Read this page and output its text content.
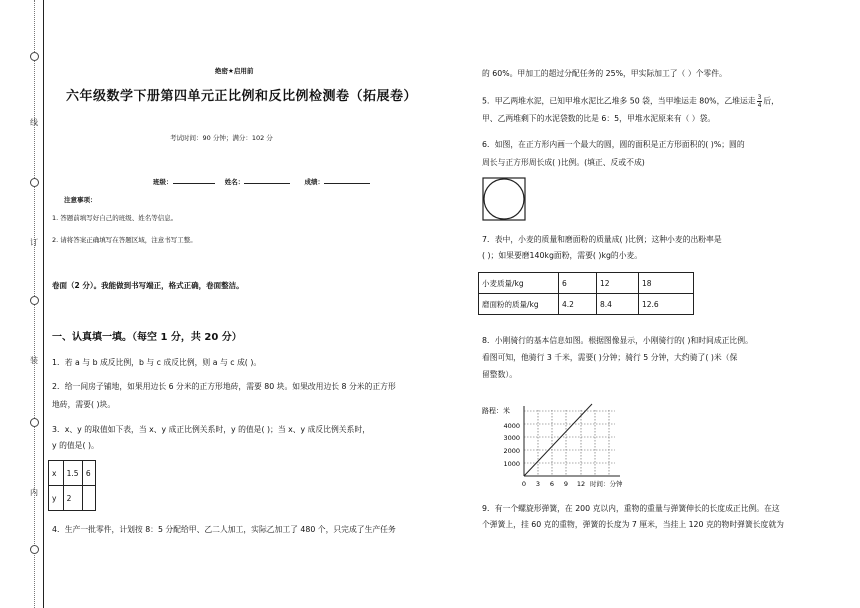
线
订
装
内
绝密★启用前
六年级数学下册第四单元正比例和反比例检测卷（拓展卷）
考试时间：90 分钟；满分：102 分
班级：	姓名：	成绩：
注意事项：
1. 答题前填写好自己的班级、姓名等信息。
2. 请将答案正确填写在答题区域，注意书写工整。
卷面（2 分）。我能做到书写端正，格式正确，卷面整洁。
一、认真填一填。（每空 1 分，共 20 分）
1．若 a 与 b 成反比例，b 与 c 成反比例，则 a 与 c 成( )。
2．给一间房子铺地，如果用边长 6 分米的正方形地砖，需要 80 块。如果改用边长 8 分米的正方形
地砖，需要( )块。
3．x、y 的取值如下表，当 x、y 成正比例关系时，y 的值是( )；当 x、y 成反比例关系时，
y 的值是( )。
x	1.5	6
y	2	
4．生产一批零件，计划按 8：5 分配给甲、乙二人加工，实际乙加工了 480 个，只完成了生产任务
的 60%。甲加工的超过分配任务的 25%，甲实际加工了（ ）个零件。
5．甲乙两堆水泥，已知甲堆水泥比乙堆多 50 袋，当甲堆运走 80%，乙堆运走 $\frac{3}{4}$ 后，
甲、乙两堆剩下的水泥袋数的比是 6：5，甲堆水泥原来有（ ）袋。
6．如图，在正方形内画一个最大的圆，圆的面积是正方形面积的( )%；圆的
周长与正方形周长成( )比例。(填正、反或不成)
7．表中，小麦的质量和磨面粉的质量成( )比例；这种小麦的出粉率是
( )；如果要磨140kg面粉，需要( )kg的小麦。
小麦质量/kg	6	12	18
磨面粉的质量/kg	4.2	8.4	12.6
8．小刚骑行的基本信息如图。根据图像显示，小刚骑行的( )和时间成正比例。
看图可知，他骑行 3 千米，需要( )分钟；骑行 5 分钟，大约骑了( )米（保
留整数）。
路程：米
4000
3000
2000
1000
0 3 6 9 12 时间：分钟
9．有一个螺旋形弹簧，在 200 克以内，重物的重量与弹簧伸长的长度成正比例。在这
个弹簧上，挂 60 克的重物，弹簧的长度为 7 厘米，当挂上 120 克的物时弹簧长度就为
